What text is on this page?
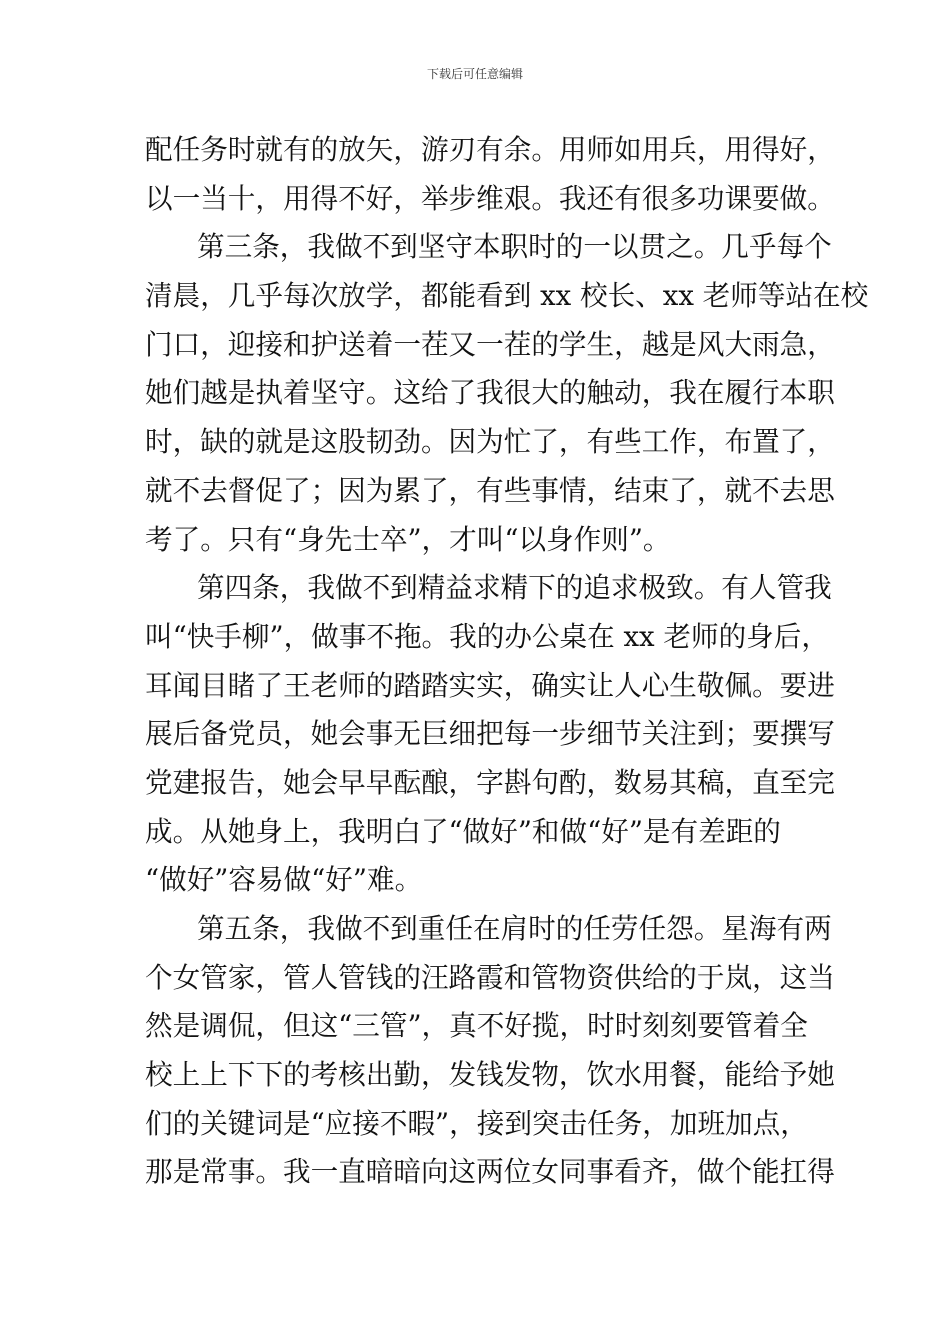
下载后可任意编辑
配任务时就有的放矢，游刃有余。用师如用兵，用得好，
以一当十，用得不好，举步维艰。我还有很多功课要做。
第三条，我做不到坚守本职时的一以贯之。几乎每个
清晨，几乎每次放学，都能看到 xx 校长、xx 老师等站在校
门口，迎接和护送着一茬又一茬的学生，越是风大雨急，
她们越是执着坚守。这给了我很大的触动，我在履行本职
时，缺的就是这股韧劲。因为忙了，有些工作，布置了，
就不去督促了；因为累了，有些事情，结束了，就不去思
考了。只有“身先士卒”，才叫“以身作则”。
第四条，我做不到精益求精下的追求极致。有人管我
叫“快手柳”，做事不拖。我的办公桌在 xx 老师的身后，
耳闻目睹了王老师的踏踏实实，确实让人心生敬佩。要进
展后备党员，她会事无巨细把每一步细节关注到；要撰写
党建报告，她会早早酝酿，字斟句酌，数易其稿，直至完
成。从她身上，我明白了“做好”和做“好”是有差距的
“做好”容易做“好”难。
第五条，我做不到重任在肩时的任劳任怨。星海有两
个女管家，管人管钱的汪路霞和管物资供给的于岚，这当
然是调侃，但这“三管”，真不好揽，时时刻刻要管着全
校上上下下的考核出勤，发钱发物，饮水用餐，能给予她
们的关键词是“应接不暇”，接到突击任务，加班加点，
那是常事。我一直暗暗向这两位女同事看齐，做个能扛得
